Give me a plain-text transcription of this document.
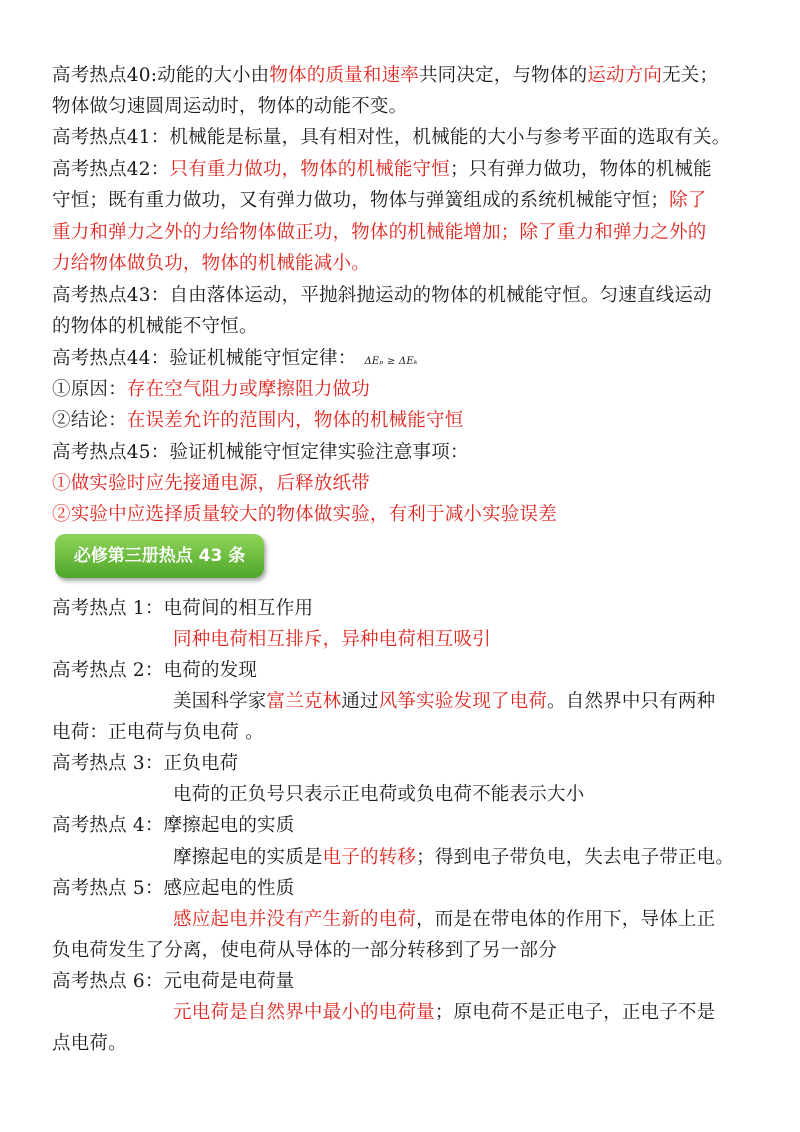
高考热点40:动能的大小由物体的质量和速率共同决定，与物体的运动方向无关；
物体做匀速圆周运动时，物体的动能不变。
高考热点41：机械能是标量，具有相对性，机械能的大小与参考平面的选取有关。
高考热点42：只有重力做功，物体的机械能守恒；只有弹力做功，物体的机械能
守恒；既有重力做功，又有弹力做功，物体与弹簧组成的系统机械能守恒；除了
重力和弹力之外的力给物体做正功，物体的机械能增加；除了重力和弹力之外的
力给物体做负功，物体的机械能减小。
高考热点43：自由落体运动，平抛斜抛运动的物体的机械能守恒。匀速直线运动
的物体的机械能不守恒。
高考热点44：验证机械能守恒定律： ΔEₚ ≥ ΔEₖ
①原因：存在空气阻力或摩擦阻力做功
②结论：在误差允许的范围内，物体的机械能守恒
高考热点45：验证机械能守恒定律实验注意事项：
①做实验时应先接通电源，后释放纸带
②实验中应选择质量较大的物体做实验，有利于减小实验误差
必修第三册热点 43 条
高考热点 1：电荷间的相互作用
同种电荷相互排斥，异种电荷相互吸引
高考热点 2：电荷的发现
美国科学家富兰克林通过风筝实验发现了电荷。自然界中只有两种
电荷：正电荷与负电荷 。
高考热点 3：正负电荷
电荷的正负号只表示正电荷或负电荷不能表示大小
高考热点 4：摩擦起电的实质
摩擦起电的实质是电子的转移；得到电子带负电，失去电子带正电。
高考热点 5：感应起电的性质
感应起电并没有产生新的电荷，而是在带电体的作用下，导体上正
负电荷发生了分离，使电荷从导体的一部分转移到了另一部分
高考热点 6：元电荷是电荷量
元电荷是自然界中最小的电荷量；原电荷不是正电子，正电子不是
点电荷。
